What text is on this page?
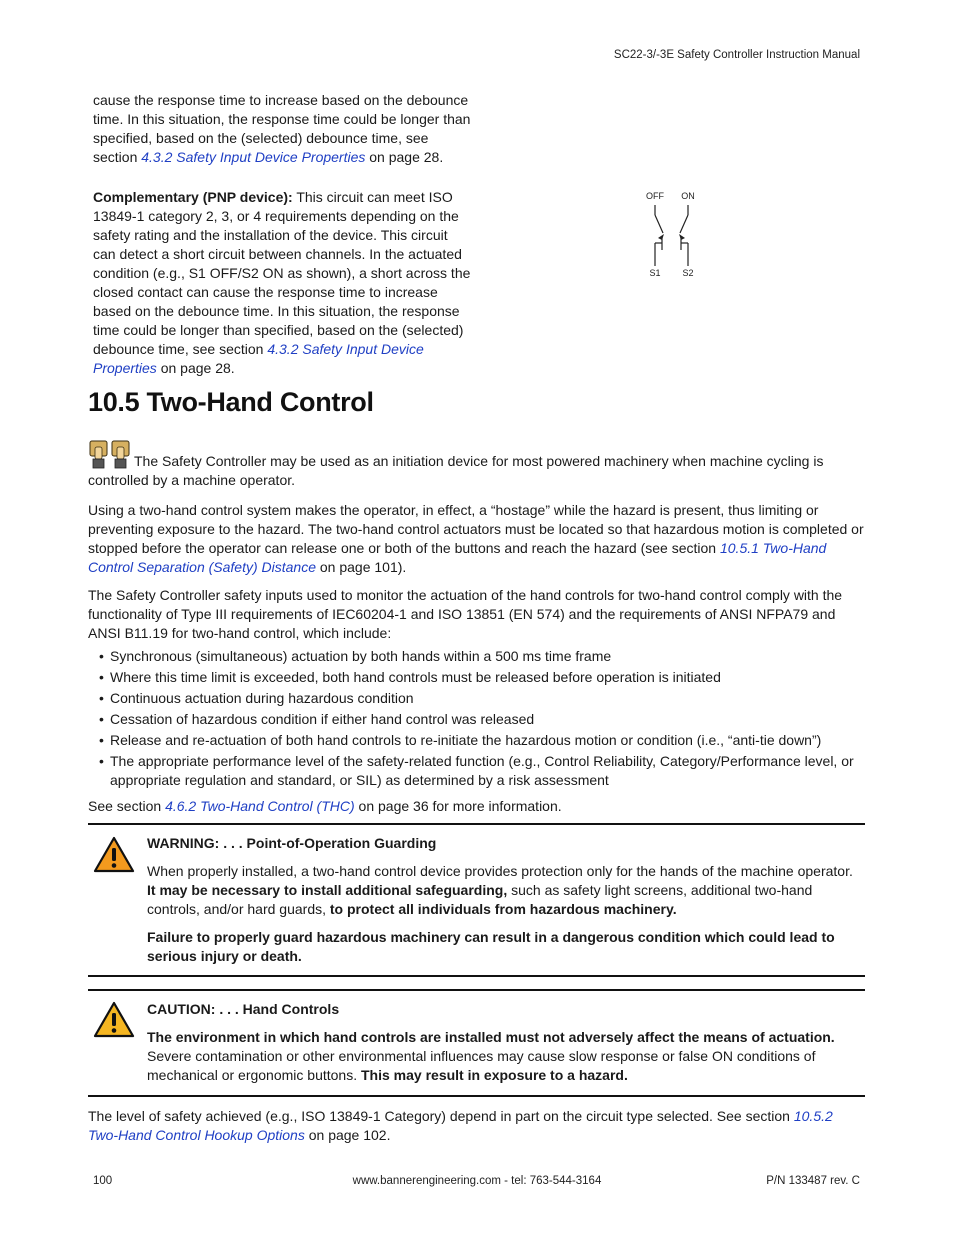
SC22-3/-3E Safety Controller Instruction Manual

cause the response time to increase based on the debounce time. In this situation, the response time could be longer than specified, based on the (selected) debounce time, see section 4.3.2 Safety Input Device Properties on page 28.

Complementary (PNP device): This circuit can meet ISO 13849-1 category 2, 3, or 4 requirements depending on the safety rating and the installation of the device. This circuit can detect a short circuit between channels. In the actuated condition (e.g., S1 OFF/S2 ON as shown), a short across the closed contact can cause the response time to increase based on the debounce time. In this situation, the response time could be longer than specified, based on the (selected) debounce time, see section 4.3.2 Safety Input Device Properties on page 28.

OFF ON
S1 S2
10.5 Two-Hand Control

The Safety Controller may be used as an initiation device for most powered machinery when machine cycling is controlled by a machine operator.

Using a two-hand control system makes the operator, in effect, a “hostage” while the hazard is present, thus limiting or preventing exposure to the hazard. The two-hand control actuators must be located so that hazardous motion is completed or stopped before the operator can release one or both of the buttons and reach the hazard (see section 10.5.1 Two-Hand Control Separation (Safety) Distance on page 101).

The Safety Controller safety inputs used to monitor the actuation of the hand controls for two-hand control comply with the functionality of Type III requirements of IEC60204-1 and ISO 13851 (EN 574) and the requirements of ANSI NFPA79 and ANSI B11.19 for two-hand control, which include:

• Synchronous (simultaneous) actuation by both hands within a 500 ms time frame
• Where this time limit is exceeded, both hand controls must be released before operation is initiated
• Continuous actuation during hazardous condition
• Cessation of hazardous condition if either hand control was released
• Release and re-actuation of both hand controls to re-initiate the hazardous motion or condition (i.e., “anti-tie down”)
• The appropriate performance level of the safety-related function (e.g., Control Reliability, Category/Performance level, or appropriate regulation and standard, or SIL) as determined by a risk assessment

See section 4.6.2 Two-Hand Control (THC) on page 36 for more information.

WARNING: . . . Point-of-Operation Guarding

When properly installed, a two-hand control device provides protection only for the hands of the machine operator. It may be necessary to install additional safeguarding, such as safety light screens, additional two-hand controls, and/or hard guards, to protect all individuals from hazardous machinery.

Failure to properly guard hazardous machinery can result in a dangerous condition which could lead to serious injury or death.

CAUTION: . . . Hand Controls

The environment in which hand controls are installed must not adversely affect the means of actuation. Severe contamination or other environmental influences may cause slow response or false ON conditions of mechanical or ergonomic buttons. This may result in exposure to a hazard.

The level of safety achieved (e.g., ISO 13849-1 Category) depend in part on the circuit type selected. See section 10.5.2 Two-Hand Control Hookup Options on page 102.

100	www.bannerengineering.com - tel: 763-544-3164	P/N 133487 rev. C
